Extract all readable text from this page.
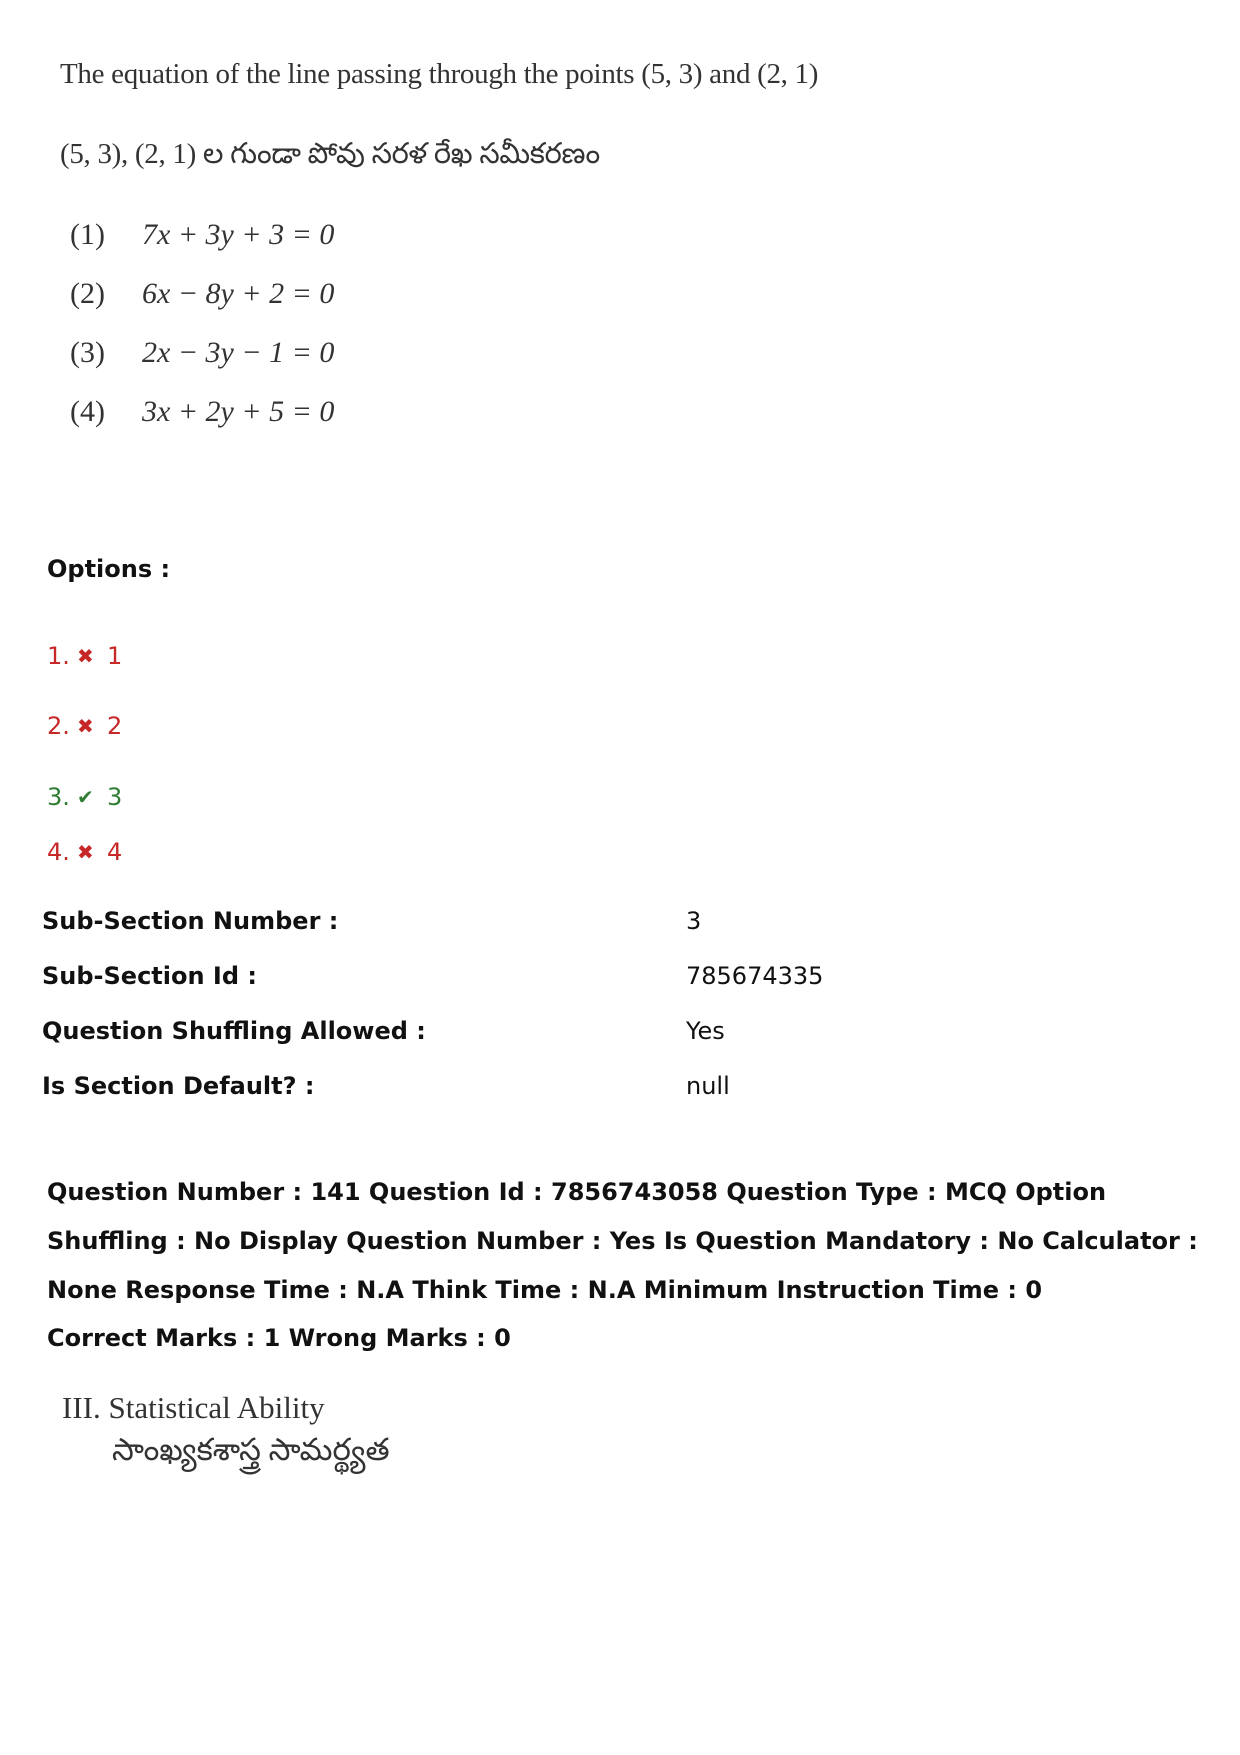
The equation of the line passing through the points (5, 3) and (2, 1)
(5, 3), (2, 1) ల గుండా పోవు సరళ రేఖ సమీకరణం
(1)	7x + 3y + 3 = 0
(2)	6x − 8y + 2 = 0
(3)	2x − 3y − 1 = 0
(4)	3x + 2y + 5 = 0
Options :
1. ✖ 1
2. ✖ 2
3. ✔ 3
4. ✖ 4
Sub-Section Number :	3
Sub-Section Id :	785674335
Question Shuffling Allowed :	Yes
Is Section Default? :	null
Question Number : 141 Question Id : 7856743058 Question Type : MCQ Option Shuffling : No Display Question Number : Yes Is Question Mandatory : No Calculator : None Response Time : N.A Think Time : N.A Minimum Instruction Time : 0
Correct Marks : 1 Wrong Marks : 0
III. Statistical Ability
సాంఖ్యకశాస్త్ర సామర్థ్యత
